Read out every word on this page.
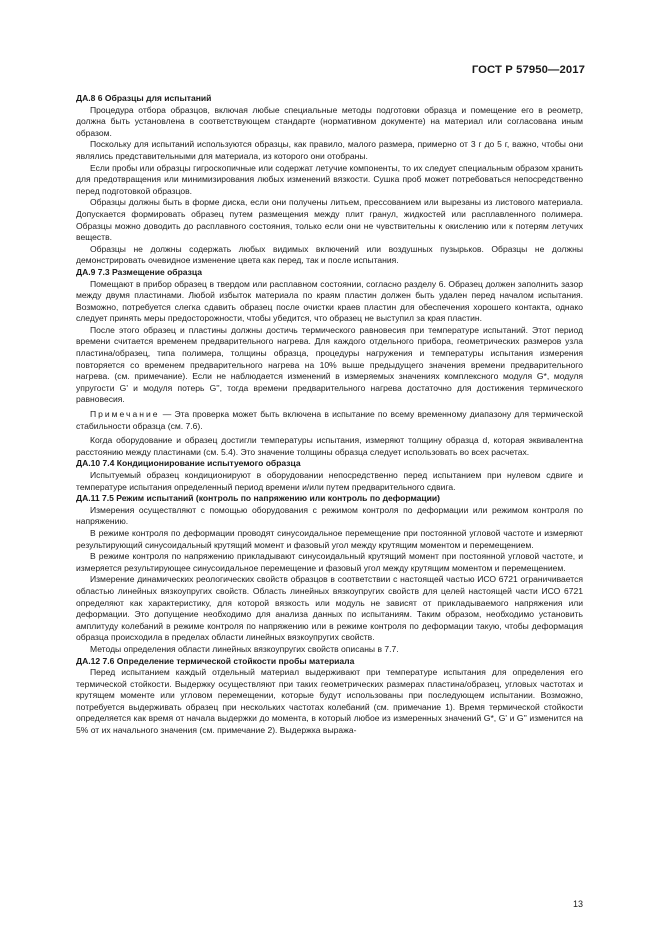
ГОСТ Р 57950—2017
ДА.8 6 Образцы для испытаний

Процедура отбора образцов, включая любые специальные методы подготовки образца и помещение его в реометр, должна быть установлена в соответствующем стандарте (нормативном документе) на материал или согласована иным образом.

Поскольку для испытаний используются образцы, как правило, малого размера, примерно от 3 г до 5 г, важно, чтобы они являлись представительными для материала, из которого они отобраны.

Если пробы или образцы гигроскопичные или содержат летучие компоненты, то их следует специальным образом хранить для предотвращения или минимизирования любых изменений вязкости. Сушка проб может потребоваться непосредственно перед подготовкой образцов.

Образцы должны быть в форме диска, если они получены литьем, прессованием или вырезаны из листового материала. Допускается формировать образец путем размещения между плит гранул, жидкостей или расплавленного полимера. Образцы можно доводить до расплавного состояния, только если они не чувствительны к окислению или к потерям летучих веществ.

Образцы не должны содержать любых видимых включений или воздушных пузырьков. Образцы не должны демонстрировать очевидное изменение цвета как перед, так и после испытания.

ДА.9 7.3 Размещение образца

Помещают в прибор образец в твердом или расплавном состоянии, согласно разделу 6. Образец должен заполнить зазор между двумя пластинами. Любой избыток материала по краям пластин должен быть удален перед началом испытания. Возможно, потребуется слегка сдавить образец после очистки краев пластин для обеспечения хорошего контакта, однако следует принять меры предосторожности, чтобы убедится, что образец не выступил за края пластин.

После этого образец и пластины должны достичь термического равновесия при температуре испытаний. Этот период времени считается временем предварительного нагрева. Для каждого отдельного прибора, геометрических размеров узла пластина/образец, типа полимера, толщины образца, процедуры нагружения и температуры испытания измерения повторяется со временем предварительного нагрева на 10% выше предыдущего значения времени предварительного нагрева. (см. примечание). Если не наблюдается изменений в измеряемых значениях комплексного модуля G*, модуля упругости G' и модуля потерь G'', тогда времени предварительного нагрева достаточно для достижения термического равновесия.

Примечание — Эта проверка может быть включена в испытание по всему временному диапазону для термической стабильности образца (см. 7.6).

Когда оборудование и образец достигли температуры испытания, измеряют толщину образца d, которая эквивалентна расстоянию между пластинами (см. 5.4). Это значение толщины образца следует использовать во всех расчетах.

ДА.10 7.4 Кондиционирование испытуемого образца

Испытуемый образец кондиционируют в оборудовании непосредственно перед испытанием при нулевом сдвиге и температуре испытания определенный период времени и/или путем предварительного сдвига.

ДА.11 7.5 Режим испытаний (контроль по напряжению или контроль по деформации)

Измерения осуществляют с помощью оборудования с режимом контроля по деформации или режимом контроля по напряжению.

В режиме контроля по деформации проводят синусоидальное перемещение при постоянной угловой частоте и измеряют результирующий синусоидальный крутящий момент и фазовый угол между крутящим моментом и перемещением.

В режиме контроля по напряжению прикладывают синусоидальный крутящий момент при постоянной угловой частоте, и измеряется результирующее синусоидальное перемещение и фазовый угол между крутящим моментом и перемещением.

Измерение динамических реологических свойств образцов в соответствии с настоящей частью ИСО 6721 ограничивается областью линейных вязкоупругих свойств. Область линейных вязкоупругих свойств для целей настоящей части ИСО 6721 определяют как характеристику, для которой вязкость или модуль не зависят от прикладываемого напряжения или деформации. Это допущение необходимо для анализа данных по испытаниям. Таким образом, необходимо установить амплитуду колебаний в режиме контроля по напряжению или в режиме контроля по деформации такую, чтобы деформация образца происходила в пределах области линейных вязкоупругих свойств.

Методы определения области линейных вязкоупругих свойств описаны в 7.7.

ДА.12 7.6 Определение термической стойкости пробы материала

Перед испытанием каждый отдельный материал выдерживают при температуре испытания для определения его термической стойкости. Выдержку осуществляют при таких геометрических размерах пластина/образец, угловых частотах и крутящем моменте или угловом перемещении, которые будут использованы при последующем испытании. Возможно, потребуется выдерживать образец при нескольких частотах колебаний (см. примечание 1). Время термической стойкости определяется как время от начала выдержки до момента, в который любое из измеренных значений G*, G' и G'' изменится на 5% от их начального значения (см. примечание 2). Выдержка выража-

13
